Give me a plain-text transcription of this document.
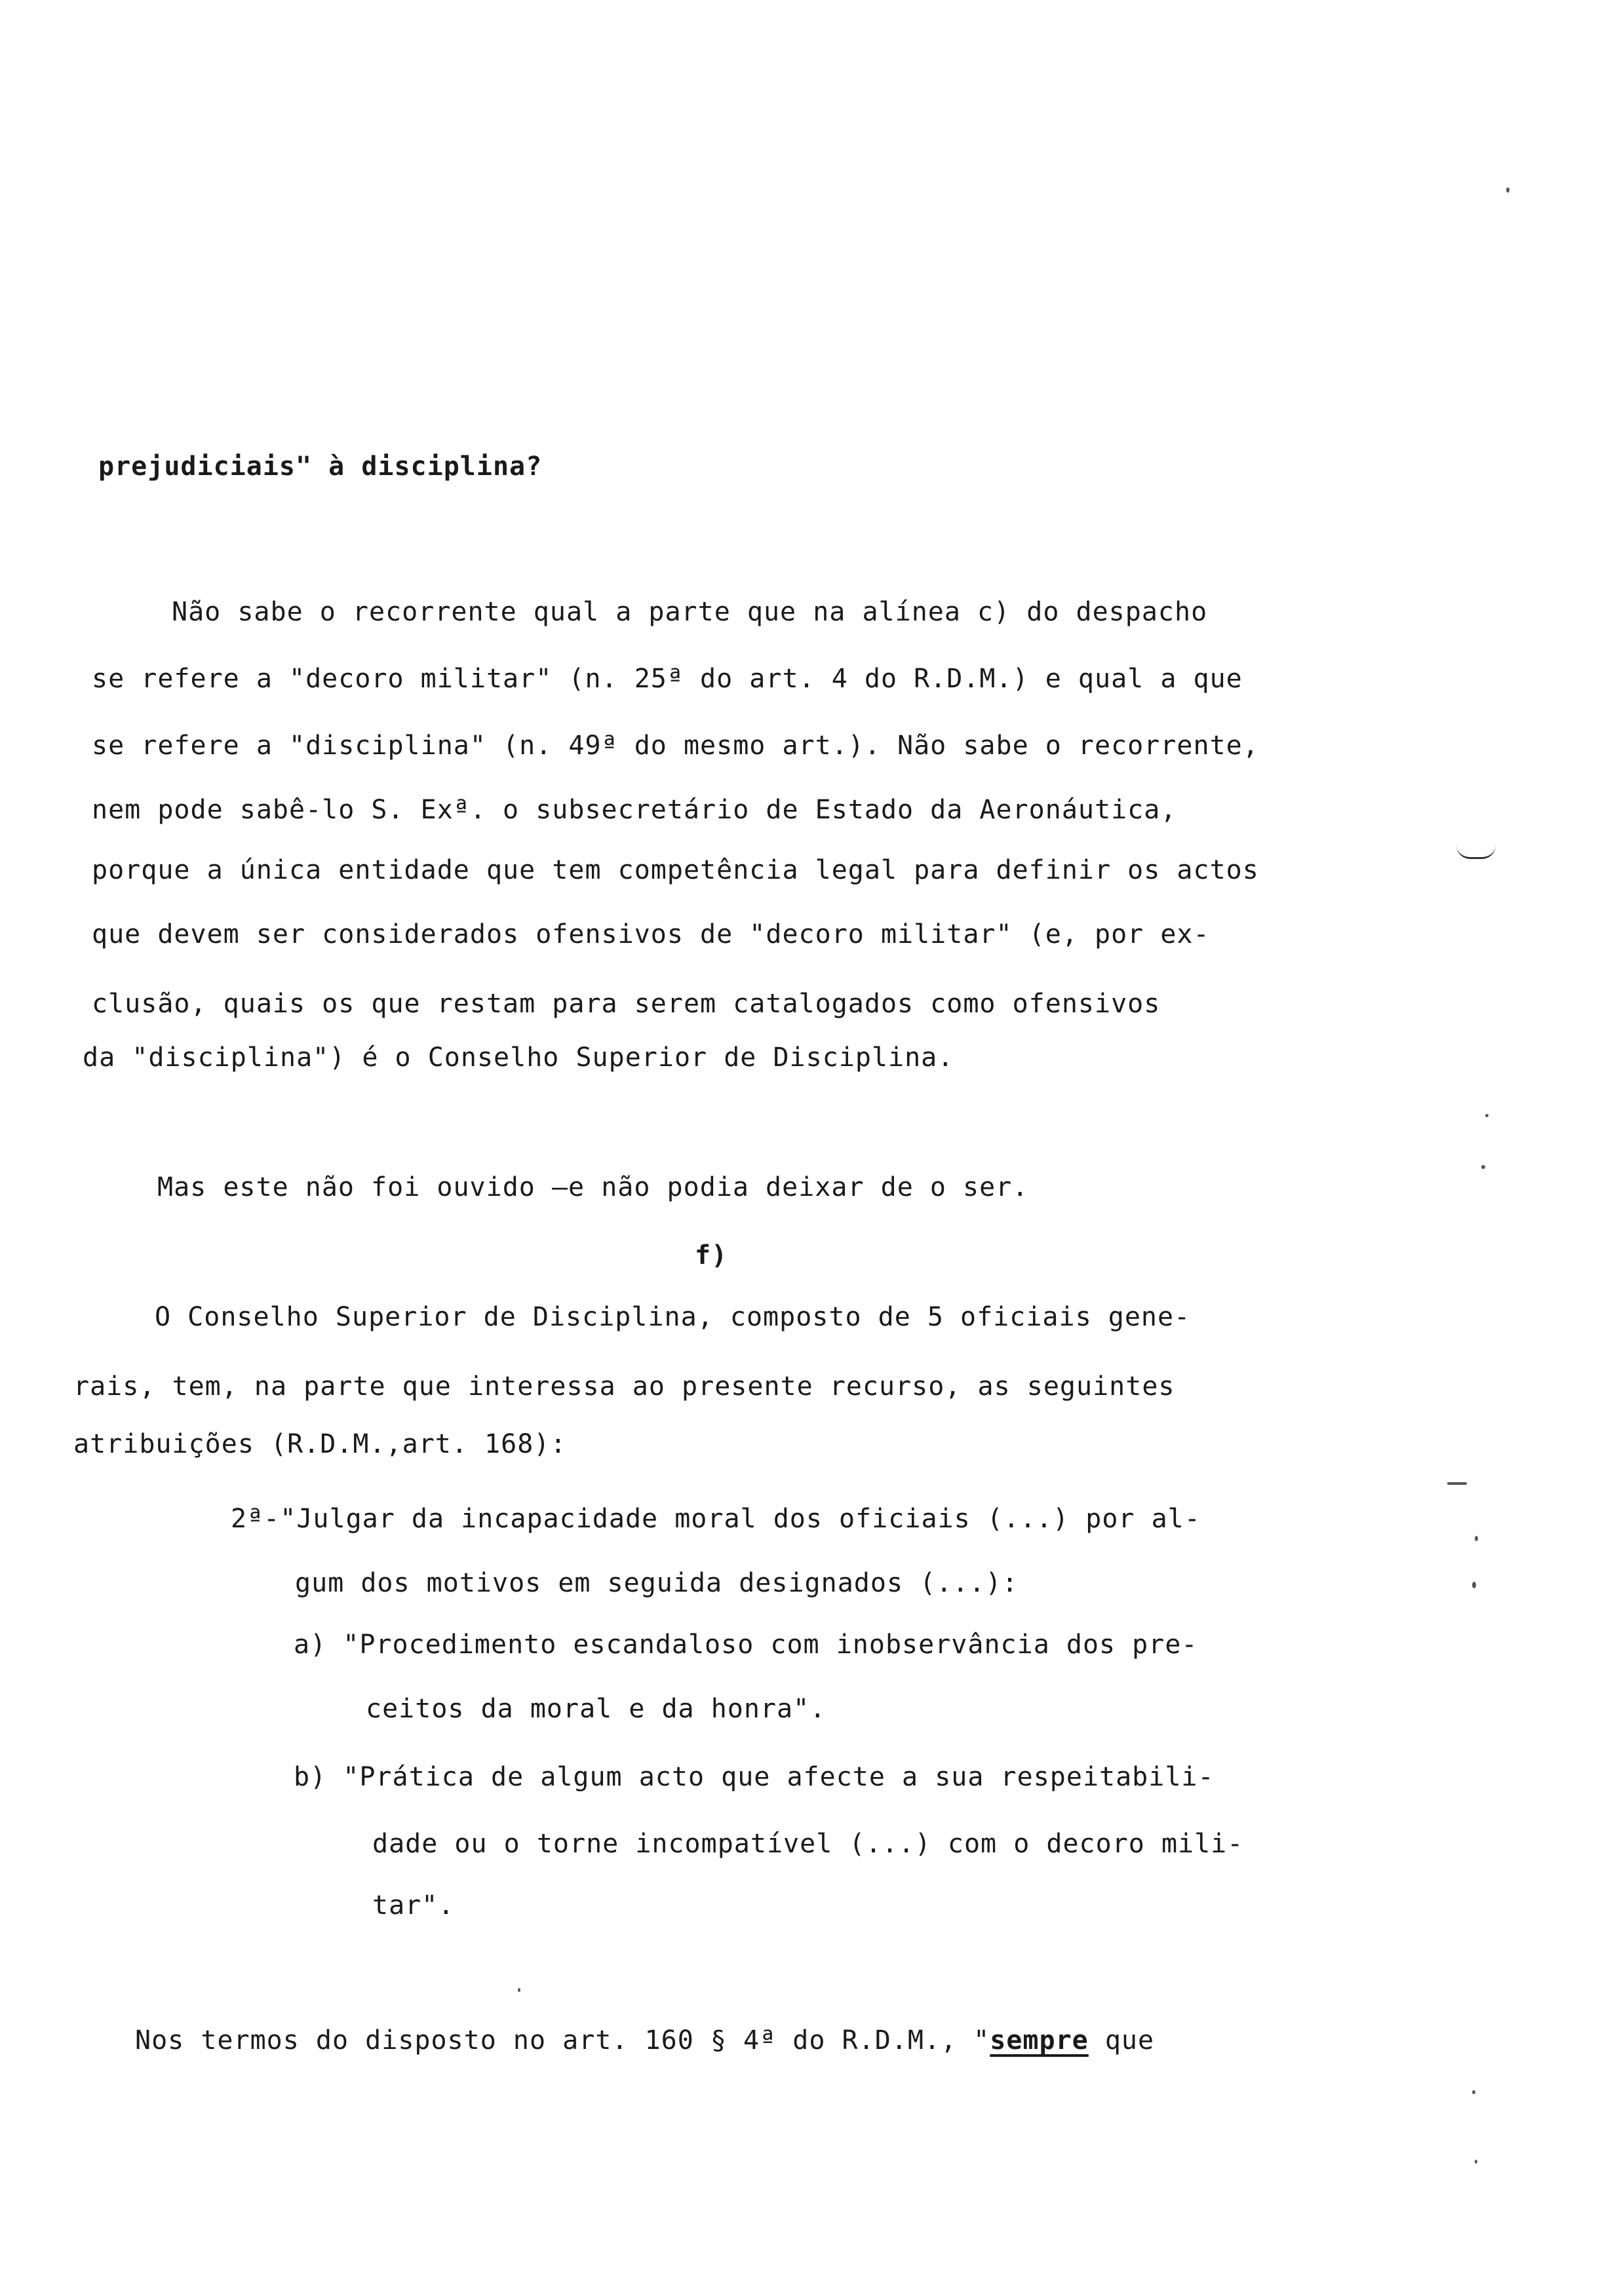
prejudiciais" à disciplina?
Não sabe o recorrente qual a parte que na alínea c) do despacho
se refere a "decoro militar" (n. 25ª do art. 4 do R.D.M.) e qual a que
se refere a "disciplina" (n. 49ª do mesmo art.). Não sabe o recorrente,
nem pode sabê-lo S. Exª. o subsecretário de Estado da Aeronáutica,
porque a única entidade que tem competência legal para definir os actos
que devem ser considerados ofensivos de "decoro militar" (e, por ex-
clusão, quais os que restam para serem catalogados como ofensivos
da "disciplina") é o Conselho Superior de Disciplina.
Mas este não foi ouvido —e não podia deixar de o ser.
f)
O Conselho Superior de Disciplina, composto de 5 oficiais gene-
rais, tem, na parte que interessa ao presente recurso, as seguintes
atribuições (R.D.M.,art. 168):
2ª-"Julgar da incapacidade moral dos oficiais (...) por al-
gum dos motivos em seguida designados (...):
a) "Procedimento escandaloso com inobservância dos pre-
ceitos da moral e da honra".
b) "Prática de algum acto que afecte a sua respeitabili-
dade ou o torne incompatível (...) com o decoro mili-
tar".
Nos termos do disposto no art. 160 § 4ª do R.D.M., "sempre que
